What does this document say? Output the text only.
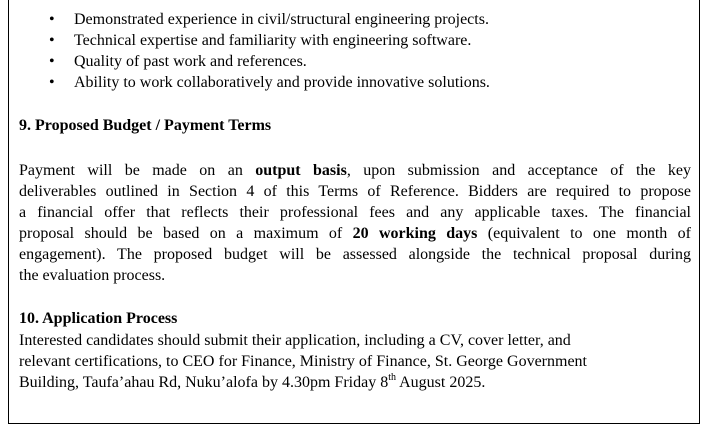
• Demonstrated experience in civil/structural engineering projects.
• Technical expertise and familiarity with engineering software.
• Quality of past work and references.
• Ability to work collaboratively and provide innovative solutions.
9. Proposed Budget / Payment Terms
Payment will be made on an output basis, upon submission and acceptance of the key
deliverables outlined in Section 4 of this Terms of Reference. Bidders are required to propose
a financial offer that reflects their professional fees and any applicable taxes. The financial
proposal should be based on a maximum of 20 working days (equivalent to one month of
engagement). The proposed budget will be assessed alongside the technical proposal during
the evaluation process.
10. Application Process
Interested candidates should submit their application, including a CV, cover letter, and
relevant certifications, to CEO for Finance, Ministry of Finance, St. George Government
Building, Taufa’ahau Rd, Nuku’alofa by 4.30pm Friday 8th August 2025.
